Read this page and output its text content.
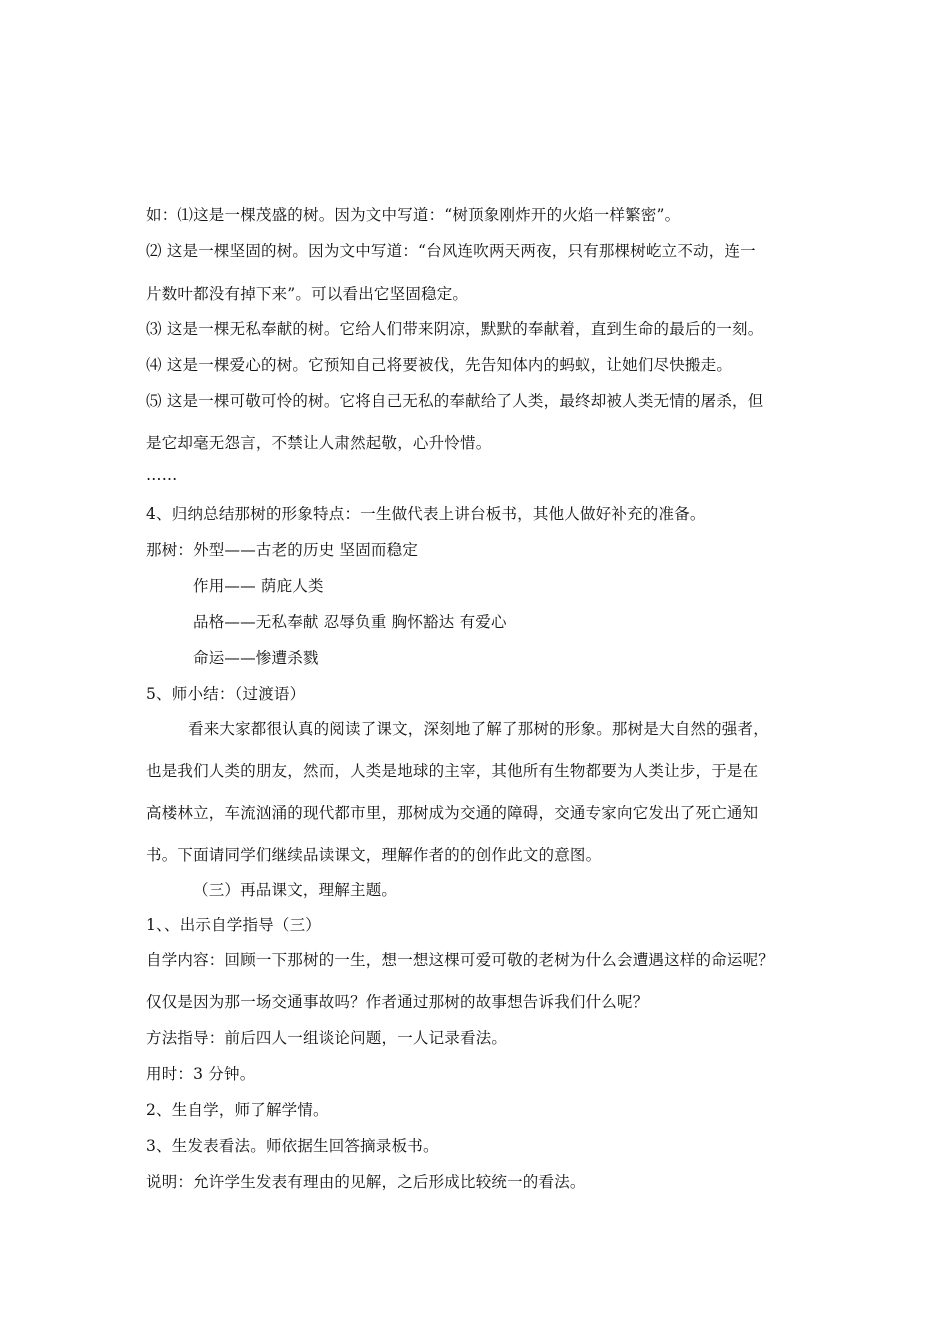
如：⑴这是一棵茂盛的树。因为文中写道：“树顶象刚炸开的火焰一样繁密”。
⑵ 这是一棵坚固的树。因为文中写道：“台风连吹两天两夜，只有那棵树屹立不动，连一
片数叶都没有掉下来”。可以看出它坚固稳定。
⑶ 这是一棵无私奉献的树。它给人们带来阴凉，默默的奉献着，直到生命的最后的一刻。
⑷ 这是一棵爱心的树。它预知自己将要被伐，先告知体内的蚂蚁，让她们尽快搬走。
⑸ 这是一棵可敬可怜的树。它将自己无私的奉献给了人类，最终却被人类无情的屠杀，但
是它却毫无怨言，不禁让人肃然起敬，心升怜惜。
……
4、归纳总结那树的形象特点：一生做代表上讲台板书，其他人做好补充的准备。
那树：外型——古老的历史 坚固而稳定
作用—— 荫庇人类
品格——无私奉献 忍辱负重 胸怀豁达 有爱心
命运——惨遭杀戮
5、师小结：（过渡语）
看来大家都很认真的阅读了课文，深刻地了解了那树的形象。那树是大自然的强者，
也是我们人类的朋友，然而，人类是地球的主宰，其他所有生物都要为人类让步，于是在
高楼林立，车流汹涌的现代都市里，那树成为交通的障碍，交通专家向它发出了死亡通知
书。下面请同学们继续品读课文，理解作者的的创作此文的意图。
（三）再品课文，理解主题。
1、、出示自学指导（三）
自学内容：回顾一下那树的一生，想一想这棵可爱可敬的老树为什么会遭遇这样的命运呢？
仅仅是因为那一场交通事故吗？作者通过那树的故事想告诉我们什么呢？
方法指导：前后四人一组谈论问题，一人记录看法。
用时：3 分钟。
2、生自学，师了解学情。
3、生发表看法。师依据生回答摘录板书。
说明：允许学生发表有理由的见解，之后形成比较统一的看法。
